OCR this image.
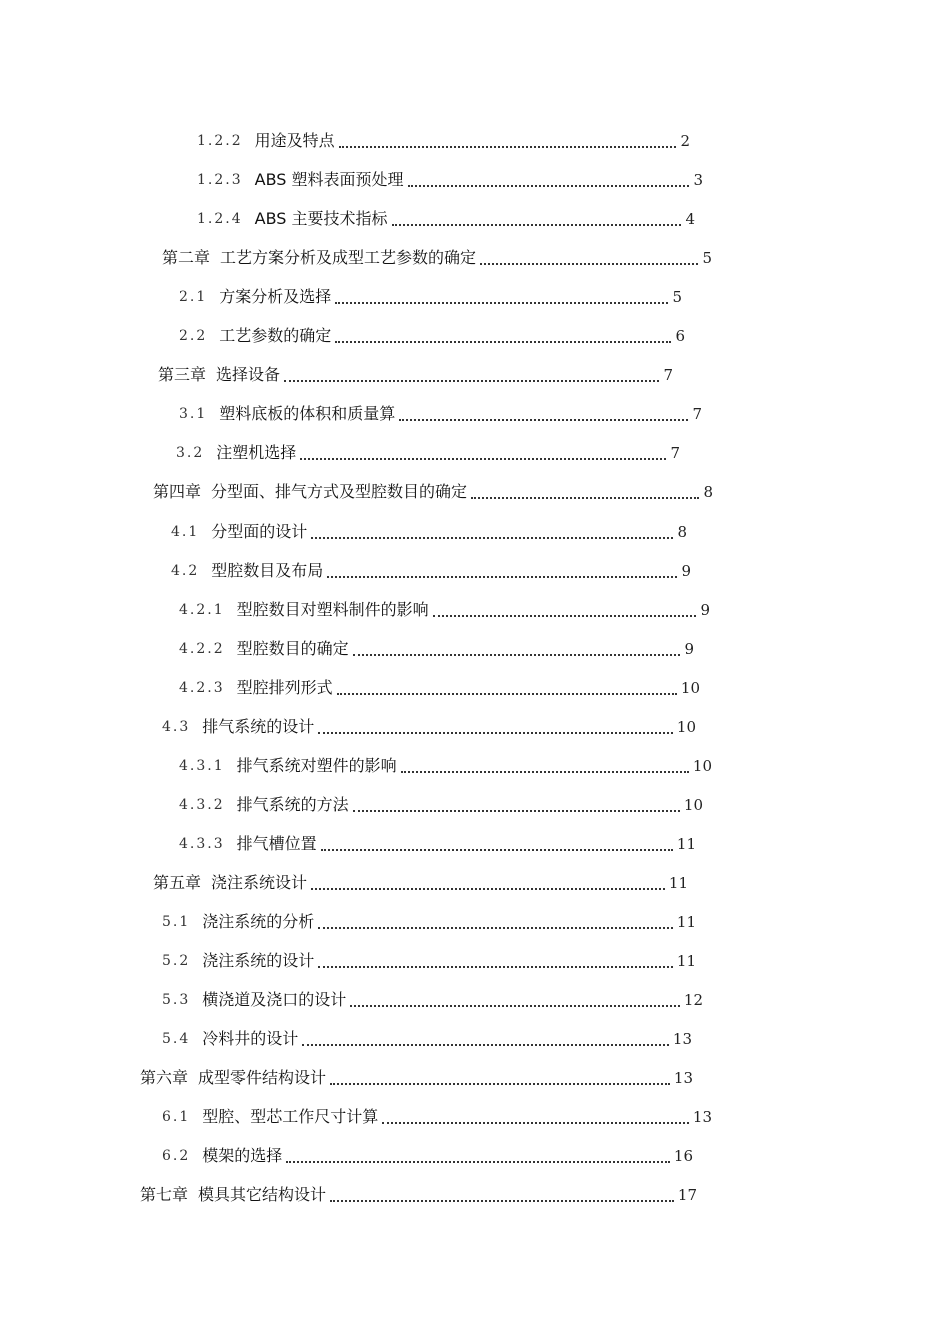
1.2.2 用途及特点	2
1.2.3 ABS 塑料表面预处理	3
1.2.4 ABS 主要技术指标	4
第二章 工艺方案分析及成型工艺参数的确定	5
2.1 方案分析及选择	5
2.2 工艺参数的确定	6
第三章 选择设备	7
3.1 塑料底板的体积和质量算	7
3.2 注塑机选择	7
第四章 分型面、排气方式及型腔数目的确定	8
4.1 分型面的设计	8
4.2 型腔数目及布局	9
4.2.1 型腔数目对塑料制件的影响	9
4.2.2 型腔数目的确定	9
4.2.3 型腔排列形式	10
4.3 排气系统的设计	10
4.3.1 排气系统对塑件的影响	10
4.3.2 排气系统的方法	10
4.3.3 排气槽位置	11
第五章 浇注系统设计	11
5.1 浇注系统的分析	11
5.2 浇注系统的设计	11
5.3 横浇道及浇口的设计	12
5.4 冷料井的设计	13
第六章 成型零件结构设计	13
6.1 型腔、型芯工作尺寸计算	13
6.2 模架的选择	16
第七章 模具其它结构设计	17
